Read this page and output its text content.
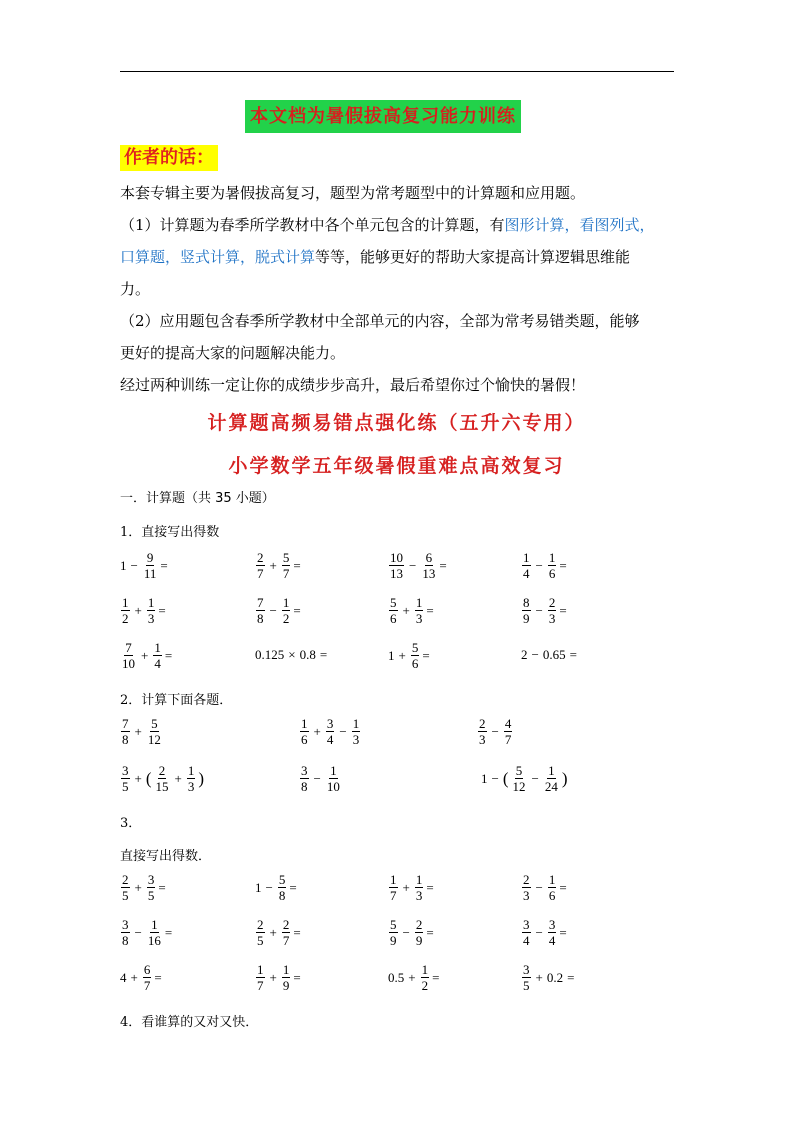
本文档为暑假拔高复习能力训练
作者的话：
本套专辑主要为暑假拔高复习，题型为常考题型中的计算题和应用题。
（1）计算题为春季所学教材中各个单元包含的计算题，有图形计算，看图列式，
口算题，竖式计算，脱式计算等等，能够更好的帮助大家提高计算逻辑思维能
力。
（2）应用题包含春季所学教材中全部单元的内容，全部为常考易错类题，能够
更好的提高大家的问题解决能力。
经过两种训练一定让你的成绩步步高升，最后希望你过个愉快的暑假！
计算题高频易错点强化练（五升六专用）
小学数学五年级暑假重难点高效复习
一．计算题（共 35 小题）
1．直接写出得数
$1 - \frac{9}{11}$ =	$\frac{2}{7} + \frac{5}{7}$ =	$\frac{10}{13} - \frac{6}{13}$ =	$\frac{1}{4} - \frac{1}{6}$ =
$\frac{1}{2} + \frac{1}{3}$ =	$\frac{7}{8} - \frac{1}{2}$ =	$\frac{5}{6} + \frac{1}{3}$ =	$\frac{8}{9} - \frac{2}{3}$ =
$\frac{7}{10} + \frac{1}{4}$ =	0.125 × 0.8 =	$1 + \frac{5}{6}$ =	2 − 0.65 =
2．计算下面各题．
$\frac{7}{8} + \frac{5}{12}$	$\frac{1}{6} + \frac{3}{4} - \frac{1}{3}$	$\frac{2}{3} - \frac{4}{7}$
$\frac{3}{5}$ + ( $\frac{2}{15} + \frac{1}{3}$ )	$\frac{3}{8} - \frac{1}{10}$	1 − ( $\frac{5}{12} - \frac{1}{24}$ )
3．
直接写出得数．
$\frac{2}{5} + \frac{3}{5}$ =	$1 - \frac{5}{8}$ =	$\frac{1}{7} + \frac{1}{3}$ =	$\frac{2}{3} - \frac{1}{6}$ =
$\frac{3}{8} - \frac{1}{16}$ =	$\frac{2}{5} + \frac{2}{7}$ =	$\frac{5}{9} - \frac{2}{9}$ =	$\frac{3}{4} - \frac{3}{4}$ =
$4 + \frac{6}{7}$ =	$\frac{1}{7} + \frac{1}{9}$ =	$0.5 + \frac{1}{2}$ =	$\frac{3}{5} + 0.2$ =
4．看谁算的又对又快．
